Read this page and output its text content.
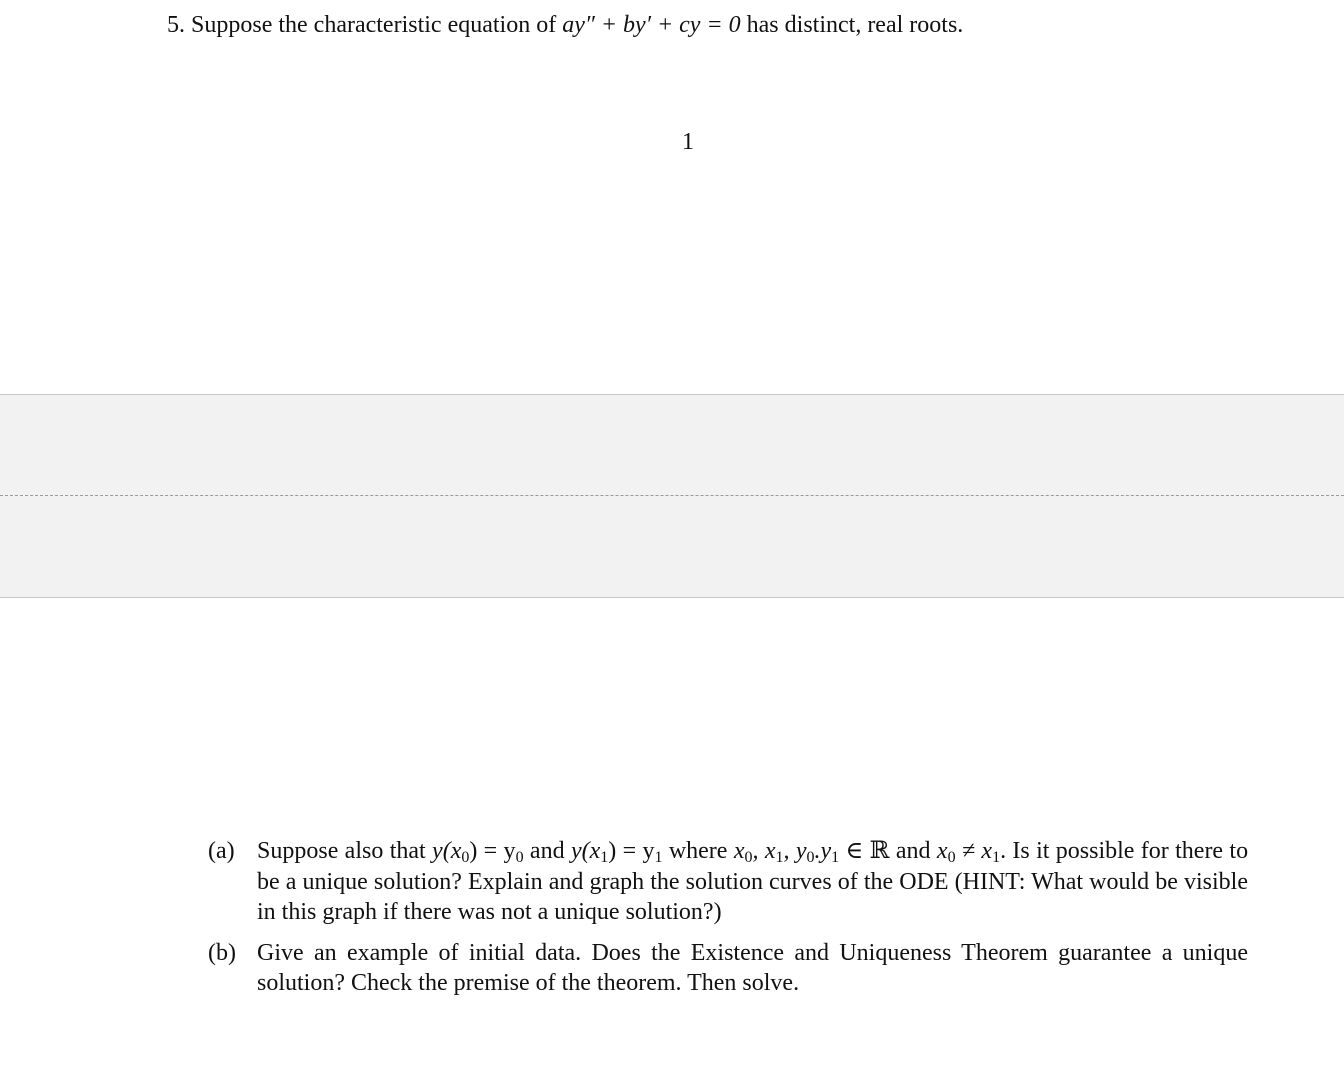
5. Suppose the characteristic equation of ay″ + by′ + cy = 0 has distinct, real roots.
1
(a) Suppose also that $y(x_0) = y_0$ and $y(x_1) = y_1$ where $x_0$, $x_1$, $y_0.y_1$ ∈ ℝ and $x_0 \ne x_1$. Is it possible for there to be a unique solution? Explain and graph the solution curves of the ODE (HINT: What would be visible in this graph if there was not a unique solution?)
(b) Give an example of initial data. Does the Existence and Uniqueness Theorem guarantee a unique solution? Check the premise of the theorem. Then solve.
